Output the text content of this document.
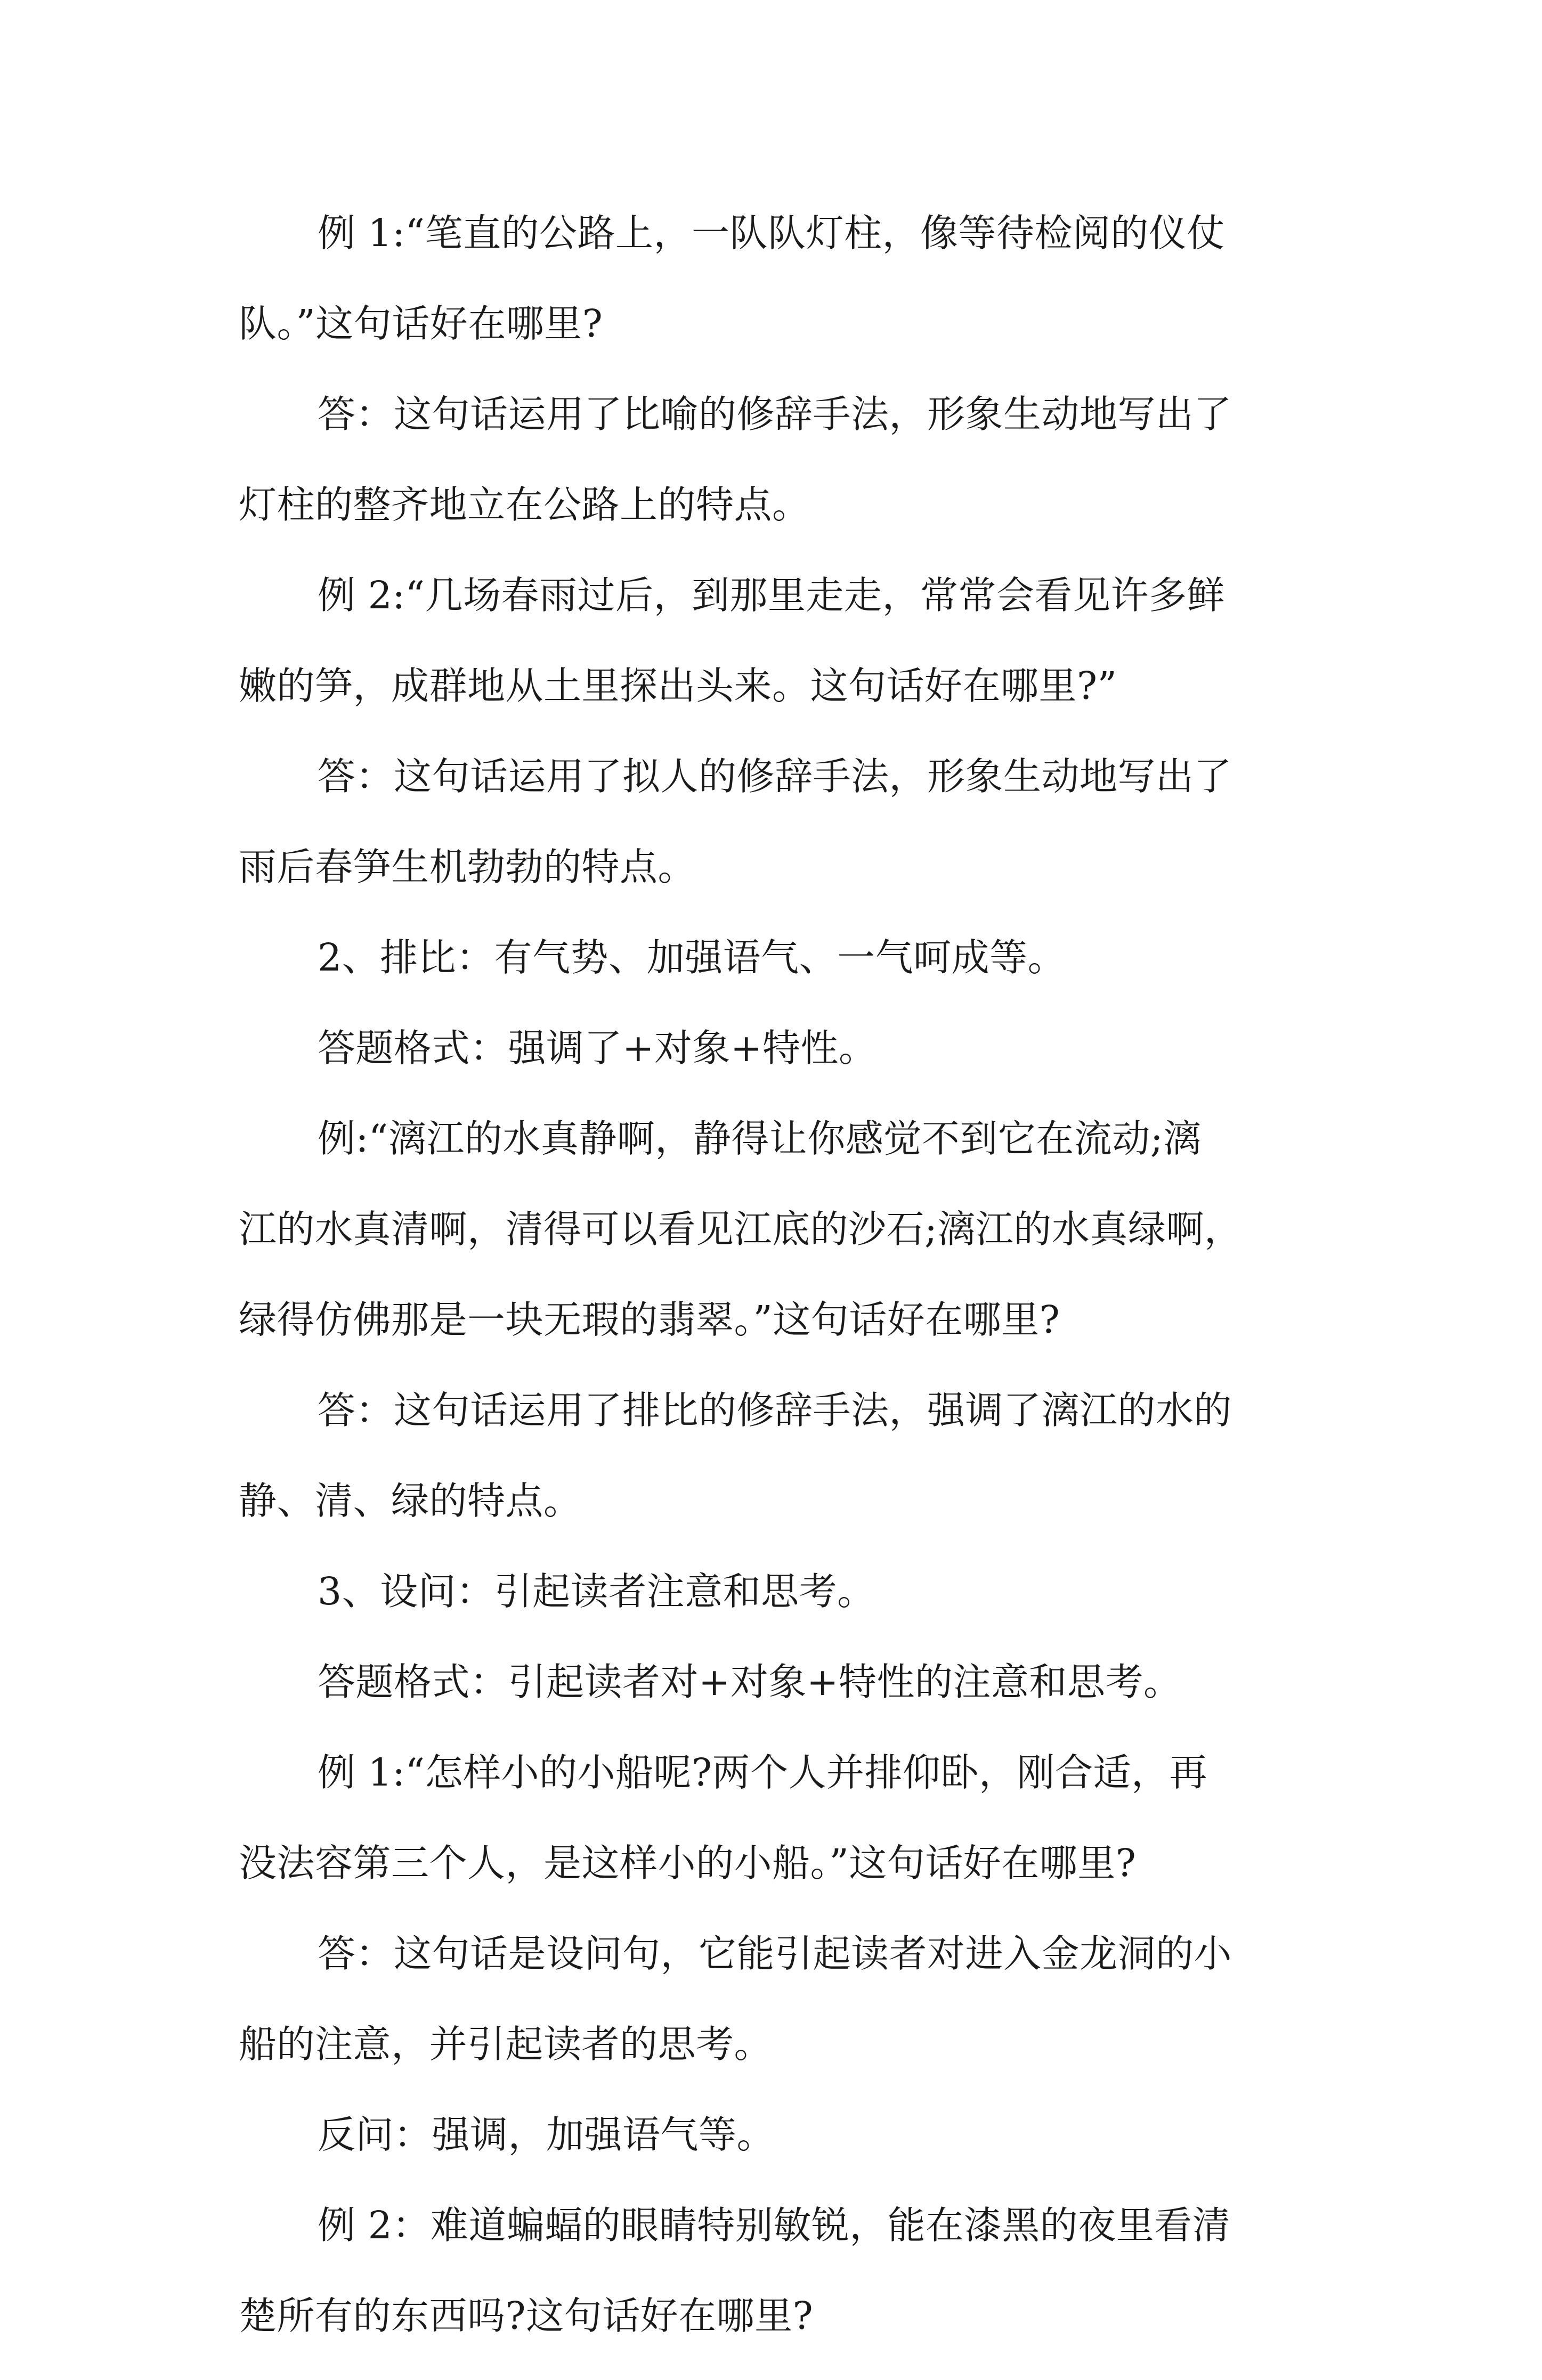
例 1:“笔直的公路上，一队队灯柱，像等待检阅的仪仗
队。”这句话好在哪里?
答：这句话运用了比喻的修辞手法，形象生动地写出了
灯柱的整齐地立在公路上的特点。
例 2:“几场春雨过后，到那里走走，常常会看见许多鲜
嫩的笋，成群地从土里探出头来。这句话好在哪里?”
答：这句话运用了拟人的修辞手法，形象生动地写出了
雨后春笋生机勃勃的特点。
2、排比：有气势、加强语气、一气呵成等。
答题格式：强调了+对象+特性。
例:“漓江的水真静啊，静得让你感觉不到它在流动;漓
江的水真清啊，清得可以看见江底的沙石;漓江的水真绿啊，
绿得仿佛那是一块无瑕的翡翠。”这句话好在哪里?
答：这句话运用了排比的修辞手法，强调了漓江的水的
静、清、绿的特点。
3、设问：引起读者注意和思考。
答题格式：引起读者对+对象+特性的注意和思考。
例 1:“怎样小的小船呢?两个人并排仰卧，刚合适，再
没法容第三个人，是这样小的小船。”这句话好在哪里?
答：这句话是设问句，它能引起读者对进入金龙洞的小
船的注意，并引起读者的思考。
反问：强调，加强语气等。
例 2：难道蝙蝠的眼睛特别敏锐，能在漆黑的夜里看清
楚所有的东西吗?这句话好在哪里?
